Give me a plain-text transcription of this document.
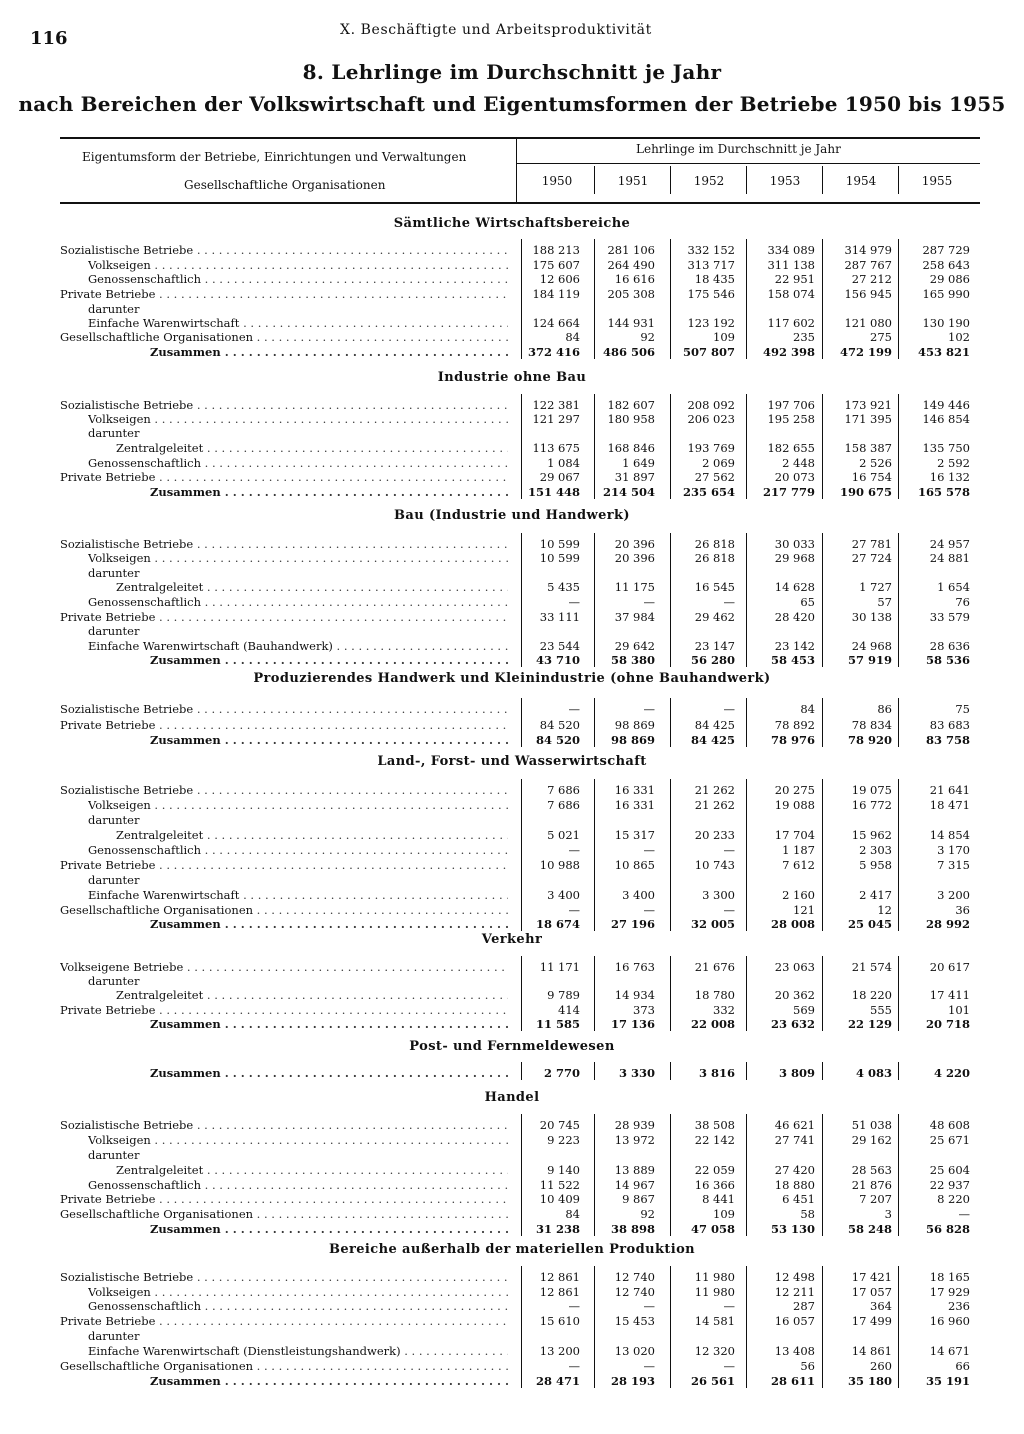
116	X. Beschäftigte und Arbeitsproduktivität
8. Lehrlinge im Durchschnitt je Jahr
nach Bereichen der Volkswirtschaft und Eigentumsformen der Betriebe 1950 bis 1955
Eigentumsform der Betriebe, Einrichtungen und Verwaltungen
Gesellschaftliche Organisationen
Lehrlinge im Durchschnitt je Jahr
1950	1951	1952	1953	1954	1955
Sämtliche Wirtschaftsbereiche
Sozialistische Betriebe . . .	188 213	281 106	332 152	334 089	314 979	287 729
Volkseigen . . .	175 607	264 490	313 717	311 138	287 767	258 643
Genossenschaftlich . . .	12 606	16 616	18 435	22 951	27 212	29 086
Private Betriebe . . .	184 119	205 308	175 546	158 074	156 945	165 990
darunter
Einfache Warenwirtschaft . . .	124 664	144 931	123 192	117 602	121 080	130 190
Gesellschaftliche Organisationen . . .	84	92	109	235	275	102
Zusammen . . .	372 416	486 506	507 807	492 398	472 199	453 821
Industrie ohne Bau
Sozialistische Betriebe . . .	122 381	182 607	208 092	197 706	173 921	149 446
Volkseigen . . .	121 297	180 958	206 023	195 258	171 395	146 854
darunter
Zentralgeleitet . . .	113 675	168 846	193 769	182 655	158 387	135 750
Genossenschaftlich . . .	1 084	1 649	2 069	2 448	2 526	2 592
Private Betriebe . . .	29 067	31 897	27 562	20 073	16 754	16 132
Zusammen . . .	151 448	214 504	235 654	217 779	190 675	165 578
Bau (Industrie und Handwerk)
Sozialistische Betriebe . . .	10 599	20 396	26 818	30 033	27 781	24 957
Volkseigen . . .	10 599	20 396	26 818	29 968	27 724	24 881
darunter
Zentralgeleitet . . .	5 435	11 175	16 545	14 628	1 727	1 654
Genossenschaftlich . . .	—	—	—	65	57	76
Private Betriebe . . .	33 111	37 984	29 462	28 420	30 138	33 579
darunter
Einfache Warenwirtschaft (Bauhandwerk) . . .	23 544	29 642	23 147	23 142	24 968	28 636
Zusammen . . .	43 710	58 380	56 280	58 453	57 919	58 536
Produzierendes Handwerk und Kleinindustrie (ohne Bauhandwerk)
Sozialistische Betriebe . . .	—	—	—	84	86	75
Private Betriebe . . .	84 520	98 869	84 425	78 892	78 834	83 683
Zusammen . . .	84 520	98 869	84 425	78 976	78 920	83 758
Land-, Forst- und Wasserwirtschaft
Sozialistische Betriebe . . .	7 686	16 331	21 262	20 275	19 075	21 641
Volkseigen . . .	7 686	16 331	21 262	19 088	16 772	18 471
darunter
Zentralgeleitet . . .	5 021	15 317	20 233	17 704	15 962	14 854
Genossenschaftlich . . .	—	—	—	1 187	2 303	3 170
Private Betriebe . . .	10 988	10 865	10 743	7 612	5 958	7 315
darunter
Einfache Warenwirtschaft . . .	3 400	3 400	3 300	2 160	2 417	3 200
Gesellschaftliche Organisationen . . .	—	—	—	121	12	36
Zusammen . . .	18 674	27 196	32 005	28 008	25 045	28 992
Verkehr
Volkseigene Betriebe . . .	11 171	16 763	21 676	23 063	21 574	20 617
darunter
Zentralgeleitet . . .	9 789	14 934	18 780	20 362	18 220	17 411
Private Betriebe . . .	414	373	332	569	555	101
Zusammen . . .	11 585	17 136	22 008	23 632	22 129	20 718
Post- und Fernmeldewesen
Zusammen . . .	2 770	3 330	3 816	3 809	4 083	4 220
Handel
Sozialistische Betriebe . . .	20 745	28 939	38 508	46 621	51 038	48 608
Volkseigen . . .	9 223	13 972	22 142	27 741	29 162	25 671
darunter
Zentralgeleitet . . .	9 140	13 889	22 059	27 420	28 563	25 604
Genossenschaftlich . . .	11 522	14 967	16 366	18 880	21 876	22 937
Private Betriebe . . .	10 409	9 867	8 441	6 451	7 207	8 220
Gesellschaftliche Organisationen . . .	84	92	109	58	3	—
Zusammen . . .	31 238	38 898	47 058	53 130	58 248	56 828
Bereiche außerhalb der materiellen Produktion
Sozialistische Betriebe . . .	12 861	12 740	11 980	12 498	17 421	18 165
Volkseigen . . .	12 861	12 740	11 980	12 211	17 057	17 929
Genossenschaftlich . . .	—	—	—	287	364	236
Private Betriebe . . .	15 610	15 453	14 581	16 057	17 499	16 960
darunter
Einfache Warenwirtschaft (Dienstleistungshandwerk) . . .	13 200	13 020	12 320	13 408	14 861	14 671
Gesellschaftliche Organisationen . . .	—	—	—	56	260	66
Zusammen . . .	28 471	28 193	26 561	28 611	35 180	35 191
